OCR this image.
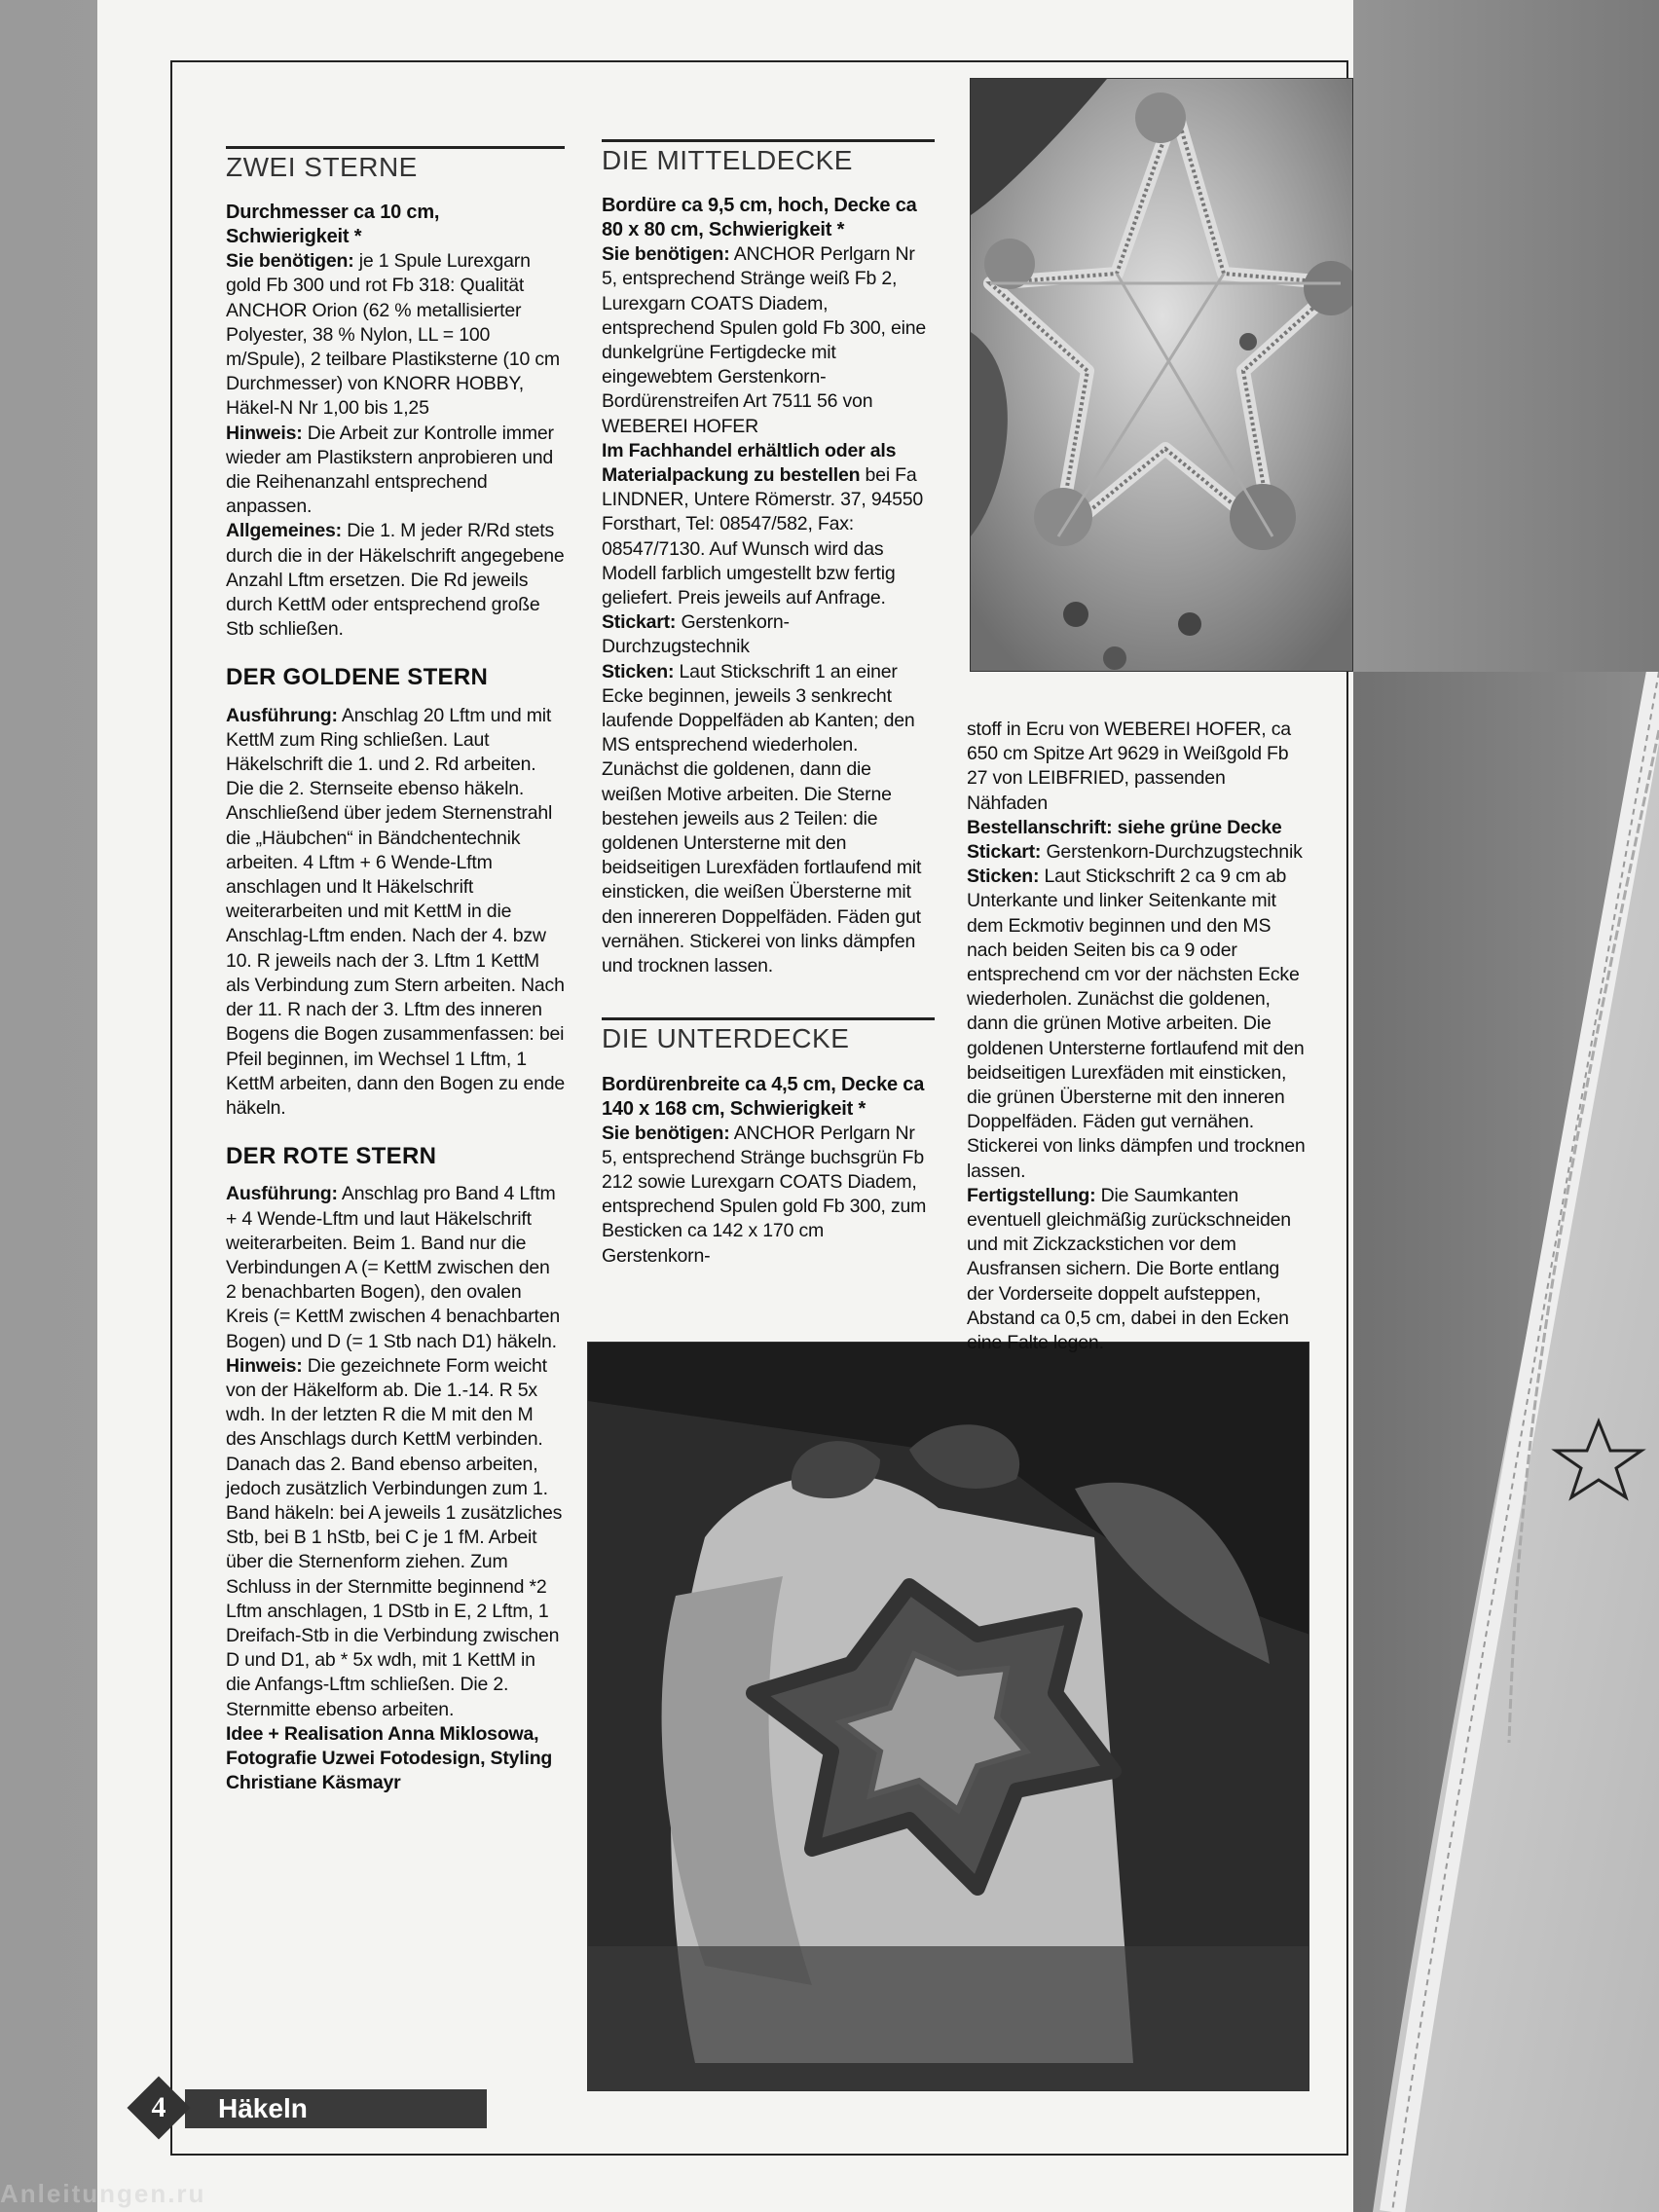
ZWEI STERNE

Durchmesser ca 10 cm, Schwierigkeit *

Sie benötigen: je 1 Spule Lurexgarn gold Fb 300 und rot Fb 318: Qualität ANCHOR Orion (62 % metallisierter Polyester, 38 % Nylon, LL = 100 m/Spule), 2 teilbare Plastiksterne (10 cm Durchmesser) von KNORR HOBBY, Häkel-N Nr 1,00 bis 1,25

Hinweis: Die Arbeit zur Kontrolle immer wieder am Plastikstern anprobieren und die Reihenanzahl entsprechend anpassen.

Allgemeines: Die 1. M jeder R/Rd stets durch die in der Häkelschrift angegebene Anzahl Lftm ersetzen. Die Rd jeweils durch KettM oder entsprechend große Stb schließen.

DER GOLDENE STERN

Ausführung: Anschlag 20 Lftm und mit KettM zum Ring schließen. Laut Häkelschrift die 1. und 2. Rd arbeiten. Die die 2. Sternseite ebenso häkeln. Anschließend über jedem Sternenstrahl die „Häubchen“ in Bändchentechnik arbeiten. 4 Lftm + 6 Wende-Lftm anschlagen und lt Häkelschrift weiterarbeiten und mit KettM in die Anschlag-Lftm enden. Nach der 4. bzw 10. R jeweils nach der 3. Lftm 1 KettM als Verbindung zum Stern arbeiten. Nach der 11. R nach der 3. Lftm des inneren Bogens die Bogen zusammenfassen: bei Pfeil beginnen, im Wechsel 1 Lftm, 1 KettM arbeiten, dann den Bogen zu ende häkeln.

DER ROTE STERN

Ausführung: Anschlag pro Band 4 Lftm + 4 Wende-Lftm und laut Häkelschrift weiterarbeiten. Beim 1. Band nur die Verbindungen A (= KettM zwischen den 2 benachbarten Bogen), den ovalen Kreis (= KettM zwischen 4 benachbarten Bogen) und D (= 1 Stb nach D1) häkeln. Hinweis: Die gezeichnete Form weicht von der Häkelform ab. Die 1.-14. R 5x wdh. In der letzten R die M mit den M des Anschlags durch KettM verbinden. Danach das 2. Band ebenso arbeiten, jedoch zusätzlich Verbindungen zum 1. Band häkeln: bei A jeweils 1 zusätzliches Stb, bei B 1 hStb, bei C je 1 fM. Arbeit über die Sternenform ziehen. Zum Schluss in der Sternmitte beginnend *2 Lftm anschlagen, 1 DStb in E, 2 Lftm, 1 Dreifach-Stb in die Verbindung zwischen D und D1, ab * 5x wdh, mit 1 KettM in die Anfangs-Lftm schließen. Die 2. Sternmitte ebenso arbeiten.

Idee + Realisation Anna Miklosowa, Fotografie Uzwei Fotodesign, Styling Christiane Käsmayr

DIE MITTELDECKE

Bordüre ca 9,5 cm, hoch, Decke ca 80 x 80 cm, Schwierigkeit *

Sie benötigen: ANCHOR Perlgarn Nr 5, entsprechend Stränge weiß Fb 2, Lurexgarn COATS Diadem, entsprechend Spulen gold Fb 300, eine dunkelgrüne Fertigdecke mit eingewebtem Gerstenkorn-Bordürenstreifen Art 7511 56 von WEBEREI HOFER

Im Fachhandel erhältlich oder als Materialpackung zu bestellen bei Fa LINDNER, Untere Römerstr. 37, 94550 Forsthart, Tel: 08547/582, Fax: 08547/7130. Auf Wunsch wird das Modell farblich umgestellt bzw fertig geliefert. Preis jeweils auf Anfrage.

Stickart: Gerstenkorn-Durchzugstechnik

Sticken: Laut Stickschrift 1 an einer Ecke beginnen, jeweils 3 senkrecht laufende Doppelfäden ab Kanten; den MS entsprechend wiederholen. Zunächst die goldenen, dann die weißen Motive arbeiten. Die Sterne bestehen jeweils aus 2 Teilen: die goldenen Untersterne mit den beidseitigen Lurexfäden fortlaufend mit einsticken, die weißen Übersterne mit den innereren Doppelfäden. Fäden gut vernähen. Stickerei von links dämpfen und trocknen lassen.

DIE UNTERDECKE

Bordürenbreite ca 4,5 cm, Decke ca 140 x 168 cm, Schwierigkeit *

Sie benötigen: ANCHOR Perlgarn Nr 5, entsprechend Stränge buchsgrün Fb 212 sowie Lurexgarn COATS Diadem, entsprechend Spulen gold Fb 300, zum Besticken ca 142 x 170 cm Gerstenkorn-

stoff in Ecru von WEBEREI HOFER, ca 650 cm Spitze Art 9629 in Weißgold Fb 27 von LEIBFRIED, passenden Nähfaden

Bestellanschrift: siehe grüne Decke

Stickart: Gerstenkorn-Durchzugstechnik

Sticken: Laut Stickschrift 2 ca 9 cm ab Unterkante und linker Seitenkante mit dem Eckmotiv beginnen und den MS nach beiden Seiten bis ca 9 oder entsprechend cm vor der nächsten Ecke wiederholen. Zunächst die goldenen, dann die grünen Motive arbeiten. Die goldenen Untersterne fortlaufend mit den beidseitigen Lurexfäden mit einsticken, die grünen Übersterne mit den inneren Doppelfäden. Fäden gut vernähen. Stickerei von links dämpfen und trocknen lassen.

Fertigstellung: Die Saumkanten eventuell gleichmäßig zurückschneiden und mit Zickzackstichen vor dem Ausfransen sichern. Die Borte entlang der Vorderseite doppelt aufsteppen, Abstand ca 0,5 cm, dabei in den Ecken eine Falte legen.

Häkeln
4
Anleitungen.ru
